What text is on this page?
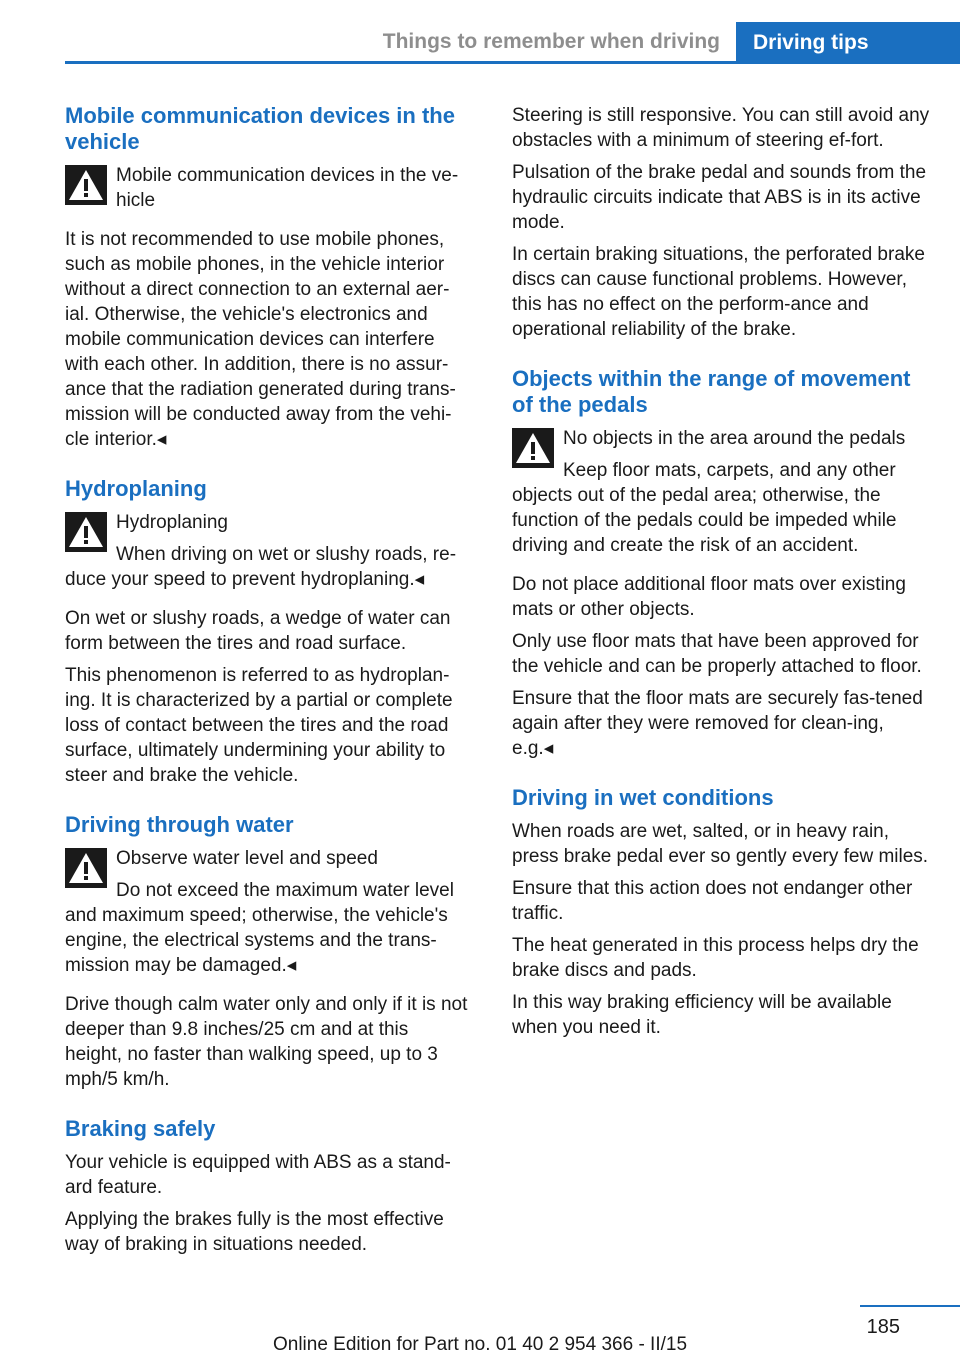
Things to remember when driving	Driving tips
Mobile communication devices in the vehicle

Mobile communication devices in the ve‐hicle

It is not recommended to use mobile phones, such as mobile phones, in the vehicle interior without a direct connection to an external aer‐ial. Otherwise, the vehicle's electronics and mobile communication devices can interfere with each other. In addition, there is no assur‐ance that the radiation generated during trans‐mission will be conducted away from the vehi‐cle interior.◂

Hydroplaning

Hydroplaning

When driving on wet or slushy roads, re‐duce your speed to prevent hydroplaning.◂

On wet or slushy roads, a wedge of water can form between the tires and road surface.

This phenomenon is referred to as hydroplan‐ing. It is characterized by a partial or complete loss of contact between the tires and the road surface, ultimately undermining your ability to steer and brake the vehicle.

Driving through water

Observe water level and speed

Do not exceed the maximum water level and maximum speed; otherwise, the vehicle's engine, the electrical systems and the trans‐mission may be damaged.◂

Drive though calm water only and only if it is not deeper than 9.8 inches/25 cm and at this height, no faster than walking speed, up to 3 mph/5 km/h.

Braking safely

Your vehicle is equipped with ABS as a stand‐ard feature.

Applying the brakes fully is the most effective way of braking in situations needed.

Steering is still responsive. You can still avoid any obstacles with a minimum of steering ef‐fort.

Pulsation of the brake pedal and sounds from the hydraulic circuits indicate that ABS is in its active mode.

In certain braking situations, the perforated brake discs can cause functional problems. However, this has no effect on the perform‐ance and operational reliability of the brake.

Objects within the range of movement of the pedals

No objects in the area around the pedals

Keep floor mats, carpets, and any other objects out of the pedal area; otherwise, the function of the pedals could be impeded while driving and create the risk of an accident.

Do not place additional floor mats over existing mats or other objects.

Only use floor mats that have been approved for the vehicle and can be properly attached to floor.

Ensure that the floor mats are securely fas‐tened again after they were removed for clean‐ing, e.g.◂

Driving in wet conditions

When roads are wet, salted, or in heavy rain, press brake pedal ever so gently every few miles.

Ensure that this action does not endanger other traffic.

The heat generated in this process helps dry the brake discs and pads.

In this way braking efficiency will be available when you need it.

185
Online Edition for Part no. 01 40 2 954 366 - II/15
